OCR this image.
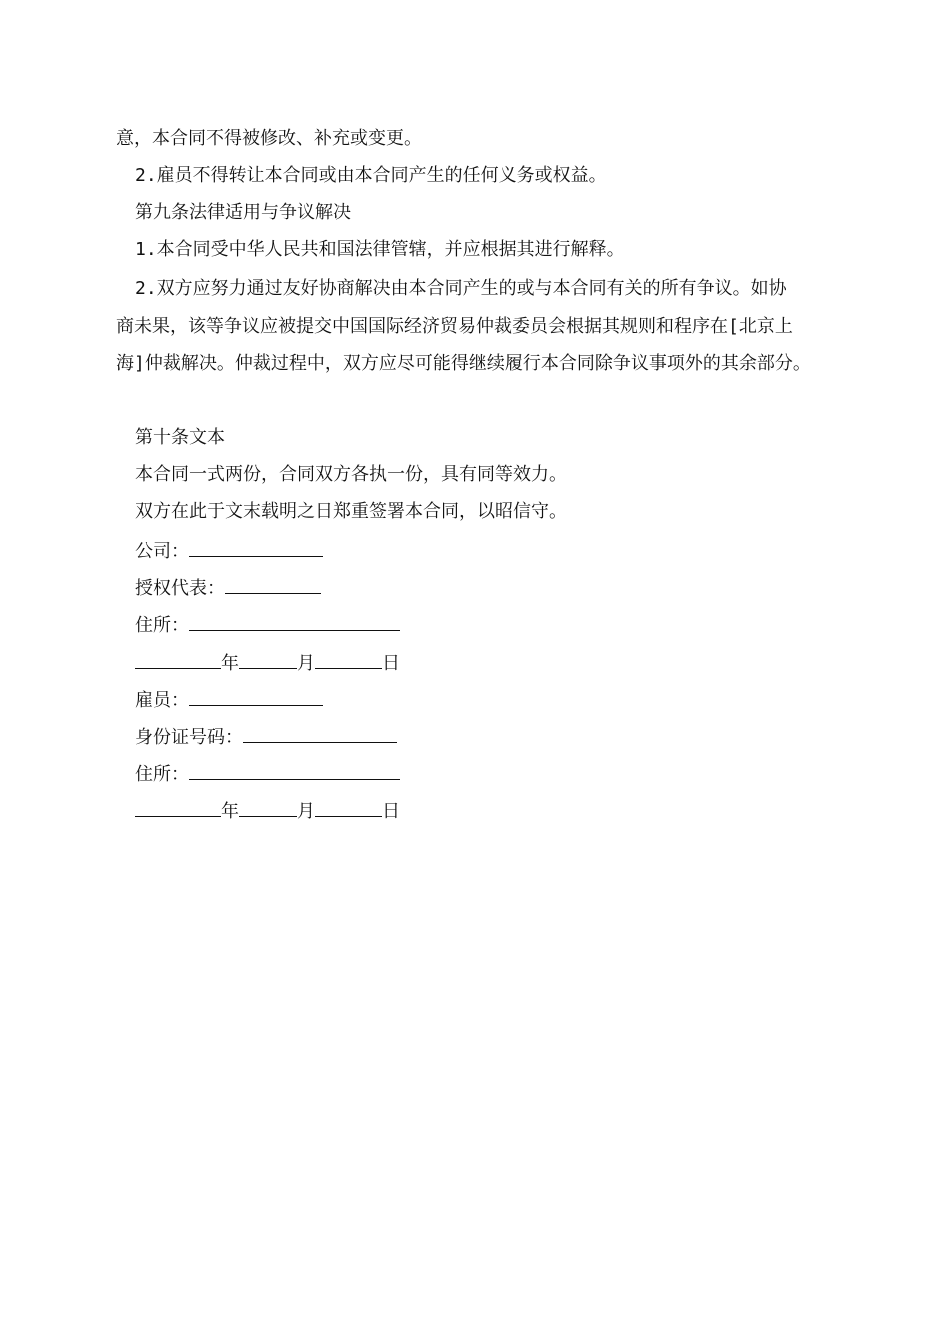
意，本合同不得被修改、补充或变更。
2.雇员不得转让本合同或由本合同产生的任何义务或权益。
第九条法律适用与争议解决
1.本合同受中华人民共和国法律管辖，并应根据其进行解释。
2.双方应努力通过友好协商解决由本合同产生的或与本合同有关的所有争议。如协
商未果，该等争议应被提交中国国际经济贸易仲裁委员会根据其规则和程序在[北京上
海]仲裁解决。仲裁过程中，双方应尽可能得继续履行本合同除争议事项外的其余部分。
第十条文本
本合同一式两份，合同双方各执一份，具有同等效力。
双方在此于文末载明之日郑重签署本合同，以昭信守。
公司：
授权代表：
住所：
年	月	日
雇员：
身份证号码：
住所：
年	月	日
